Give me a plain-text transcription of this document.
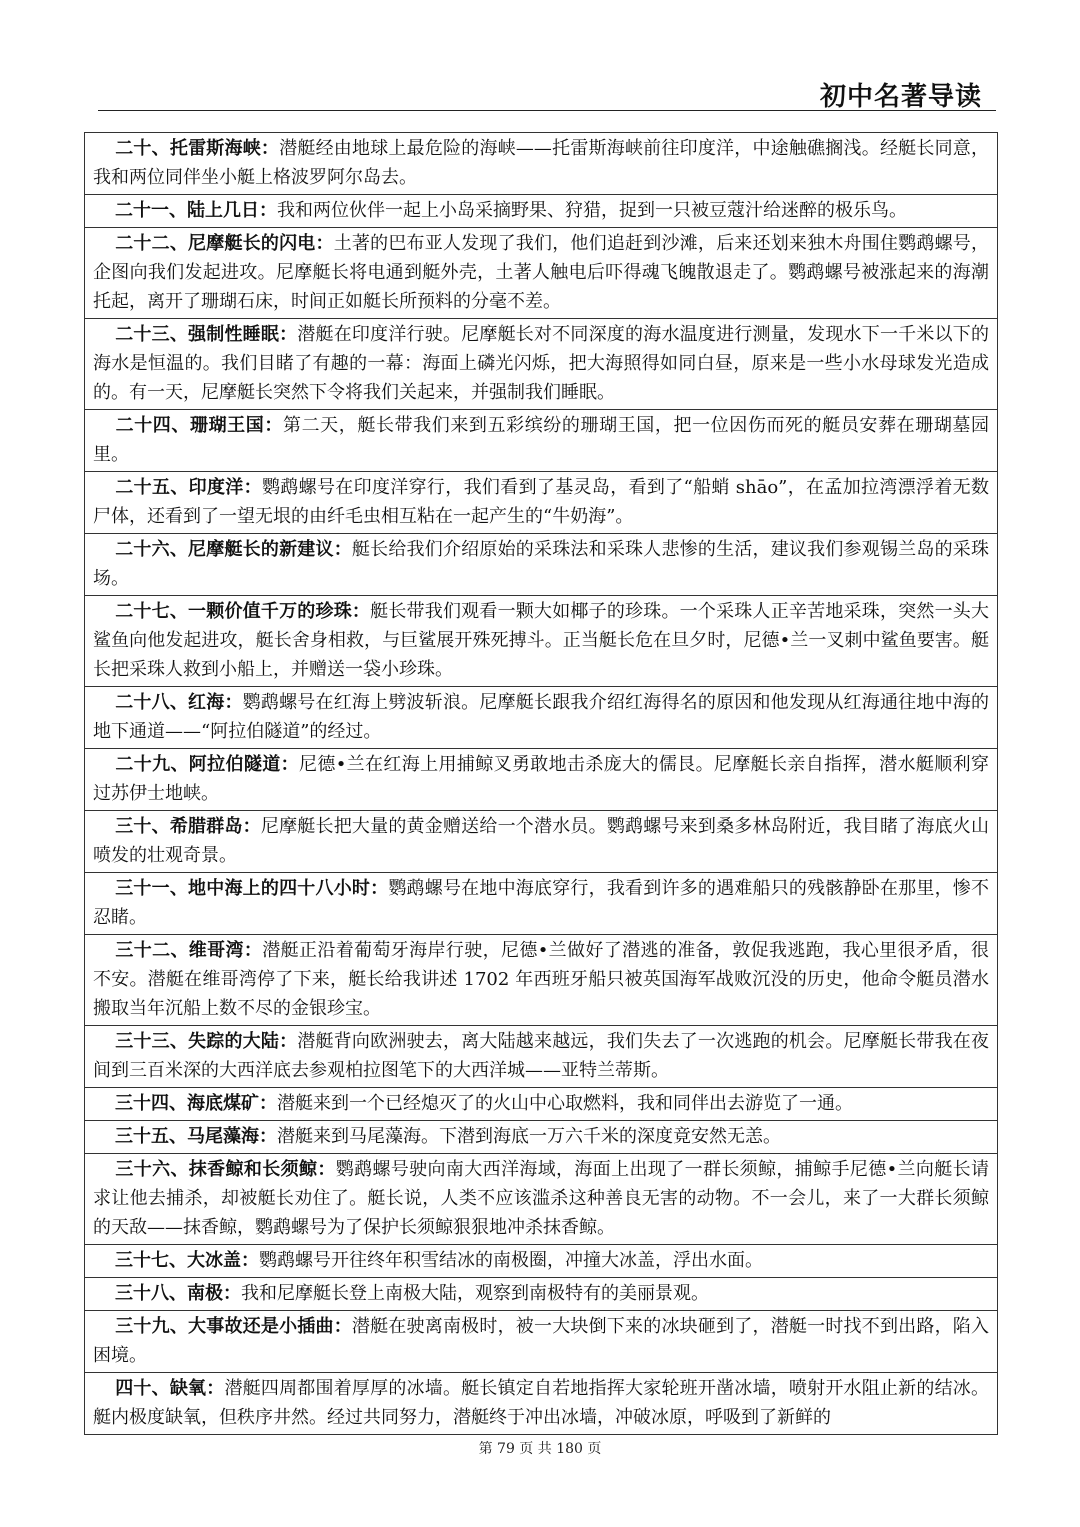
初中名著导读
二十、托雷斯海峡：潜艇经由地球上最危险的海峡——托雷斯海峡前往印度洋，中途触礁搁浅。经艇长同意，我和两位同伴坐小艇上格波罗阿尔岛去。
二十一、陆上几日：我和两位伙伴一起上小岛采摘野果、狩猎，捉到一只被豆蔻汁给迷醉的极乐鸟。
二十二、尼摩艇长的闪电：土著的巴布亚人发现了我们，他们追赶到沙滩，后来还划来独木舟围住鹦鹉螺号，企图向我们发起进攻。尼摩艇长将电通到艇外壳，土著人触电后吓得魂飞魄散退走了。鹦鹉螺号被涨起来的海潮托起，离开了珊瑚石床，时间正如艇长所预料的分毫不差。
二十三、强制性睡眠：潜艇在印度洋行驶。尼摩艇长对不同深度的海水温度进行测量，发现水下一千米以下的海水是恒温的。我们目睹了有趣的一幕：海面上磷光闪烁，把大海照得如同白昼，原来是一些小水母球发光造成的。有一天，尼摩艇长突然下令将我们关起来，并强制我们睡眠。
二十四、珊瑚王国：第二天，艇长带我们来到五彩缤纷的珊瑚王国，把一位因伤而死的艇员安葬在珊瑚墓园里。
二十五、印度洋：鹦鹉螺号在印度洋穿行，我们看到了基灵岛，看到了“船蛸 shāo”，在孟加拉湾漂浮着无数尸体，还看到了一望无垠的由纤毛虫相互粘在一起产生的“牛奶海”。
二十六、尼摩艇长的新建议：艇长给我们介绍原始的采珠法和采珠人悲惨的生活，建议我们参观锡兰岛的采珠场。
二十七、一颗价值千万的珍珠：艇长带我们观看一颗大如椰子的珍珠。一个采珠人正辛苦地采珠，突然一头大鲨鱼向他发起进攻，艇长舍身相救，与巨鲨展开殊死搏斗。正当艇长危在旦夕时，尼德•兰一叉刺中鲨鱼要害。艇长把采珠人救到小船上，并赠送一袋小珍珠。
二十八、红海：鹦鹉螺号在红海上劈波斩浪。尼摩艇长跟我介绍红海得名的原因和他发现从红海通往地中海的地下通道——“阿拉伯隧道”的经过。
二十九、阿拉伯隧道：尼德•兰在红海上用捕鲸叉勇敢地击杀庞大的儒艮。尼摩艇长亲自指挥，潜水艇顺利穿过苏伊士地峡。
三十、希腊群岛：尼摩艇长把大量的黄金赠送给一个潜水员。鹦鹉螺号来到桑多林岛附近，我目睹了海底火山喷发的壮观奇景。
三十一、地中海上的四十八小时：鹦鹉螺号在地中海底穿行，我看到许多的遇难船只的残骸静卧在那里，惨不忍睹。
三十二、维哥湾：潜艇正沿着葡萄牙海岸行驶，尼德•兰做好了潜逃的准备，敦促我逃跑，我心里很矛盾，很不安。潜艇在维哥湾停了下来，艇长给我讲述 1702 年西班牙船只被英国海军战败沉没的历史，他命令艇员潜水搬取当年沉船上数不尽的金银珍宝。
三十三、失踪的大陆：潜艇背向欧洲驶去，离大陆越来越远，我们失去了一次逃跑的机会。尼摩艇长带我在夜间到三百米深的大西洋底去参观柏拉图笔下的大西洋城——亚特兰蒂斯。
三十四、海底煤矿：潜艇来到一个已经熄灭了的火山中心取燃料，我和同伴出去游览了一通。
三十五、马尾藻海：潜艇来到马尾藻海。下潜到海底一万六千米的深度竟安然无恙。
三十六、抹香鲸和长须鲸：鹦鹉螺号驶向南大西洋海域，海面上出现了一群长须鲸，捕鲸手尼德•兰向艇长请求让他去捕杀，却被艇长劝住了。艇长说，人类不应该滥杀这种善良无害的动物。不一会儿，来了一大群长须鲸的天敌——抹香鲸，鹦鹉螺号为了保护长须鲸狠狠地冲杀抹香鲸。
三十七、大冰盖：鹦鹉螺号开往终年积雪结冰的南极圈，冲撞大冰盖，浮出水面。
三十八、南极：我和尼摩艇长登上南极大陆，观察到南极特有的美丽景观。
三十九、大事故还是小插曲：潜艇在驶离南极时，被一大块倒下来的冰块砸到了，潜艇一时找不到出路，陷入困境。
四十、缺氧：潜艇四周都围着厚厚的冰墙。艇长镇定自若地指挥大家轮班开凿冰墙，喷射开水阻止新的结冰。艇内极度缺氧，但秩序井然。经过共同努力，潜艇终于冲出冰墙，冲破冰原，呼吸到了新鲜的
第 79 页 共 180 页
